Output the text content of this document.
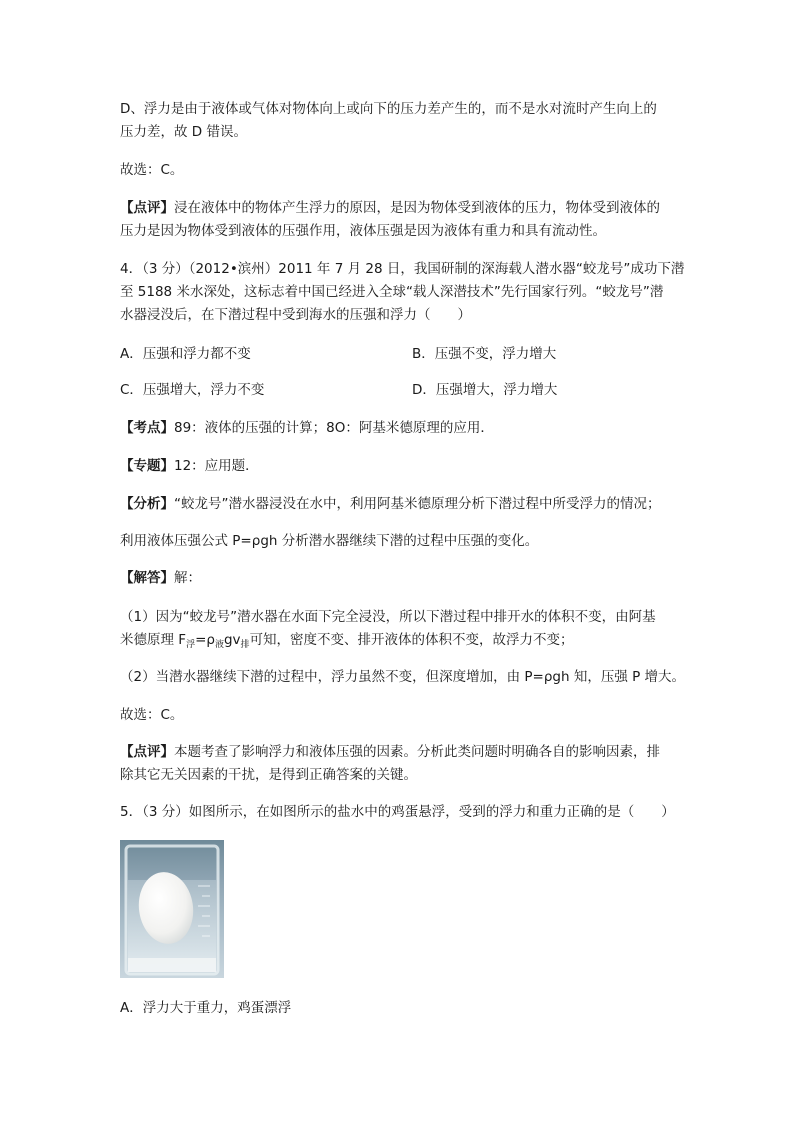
D、浮力是由于液体或气体对物体向上或向下的压力差产生的，而不是水对流时产生向上的

压力差，故 D 错误。

故选：C。

【点评】浸在液体中的物体产生浮力的原因，是因为物体受到液体的压力，物体受到液体的

压力是因为物体受到液体的压强作用，液体压强是因为液体有重力和具有流动性。

4．（3 分）（2012•滨州）2011 年 7 月 28 日，我国研制的深海载人潜水器“蛟龙号”成功下潜

至 5188 米水深处，这标志着中国已经进入全球“载人深潜技术”先行国家行列。“蛟龙号”潜

水器浸没后，在下潜过程中受到海水的压强和浮力（　　）

A．压强和浮力都不变	B．压强不变，浮力增大
C．压强增大，浮力不变	D．压强增大，浮力增大

【考点】89：液体的压强的计算；8O：阿基米德原理的应用．

【专题】12：应用题．

【分析】“蛟龙号”潜水器浸没在水中，利用阿基米德原理分析下潜过程中所受浮力的情况；

利用液体压强公式 P=ρgh 分析潜水器继续下潜的过程中压强的变化。

【解答】解：

（1）因为“蛟龙号”潜水器在水面下完全浸没，所以下潜过程中排开水的体积不变，由阿基

米德原理 $F_浮=\rho_液gv_排$可知，密度不变、排开液体的体积不变，故浮力不变；

（2）当潜水器继续下潜的过程中，浮力虽然不变，但深度增加，由 P=ρgh 知，压强 P 增大。

故选：C。

【点评】本题考查了影响浮力和液体压强的因素。分析此类问题时明确各自的影响因素，排

除其它无关因素的干扰，是得到正确答案的关键。

5．（3 分）如图所示，在如图所示的盐水中的鸡蛋悬浮，受到的浮力和重力正确的是（　　）

A．浮力大于重力，鸡蛋漂浮
